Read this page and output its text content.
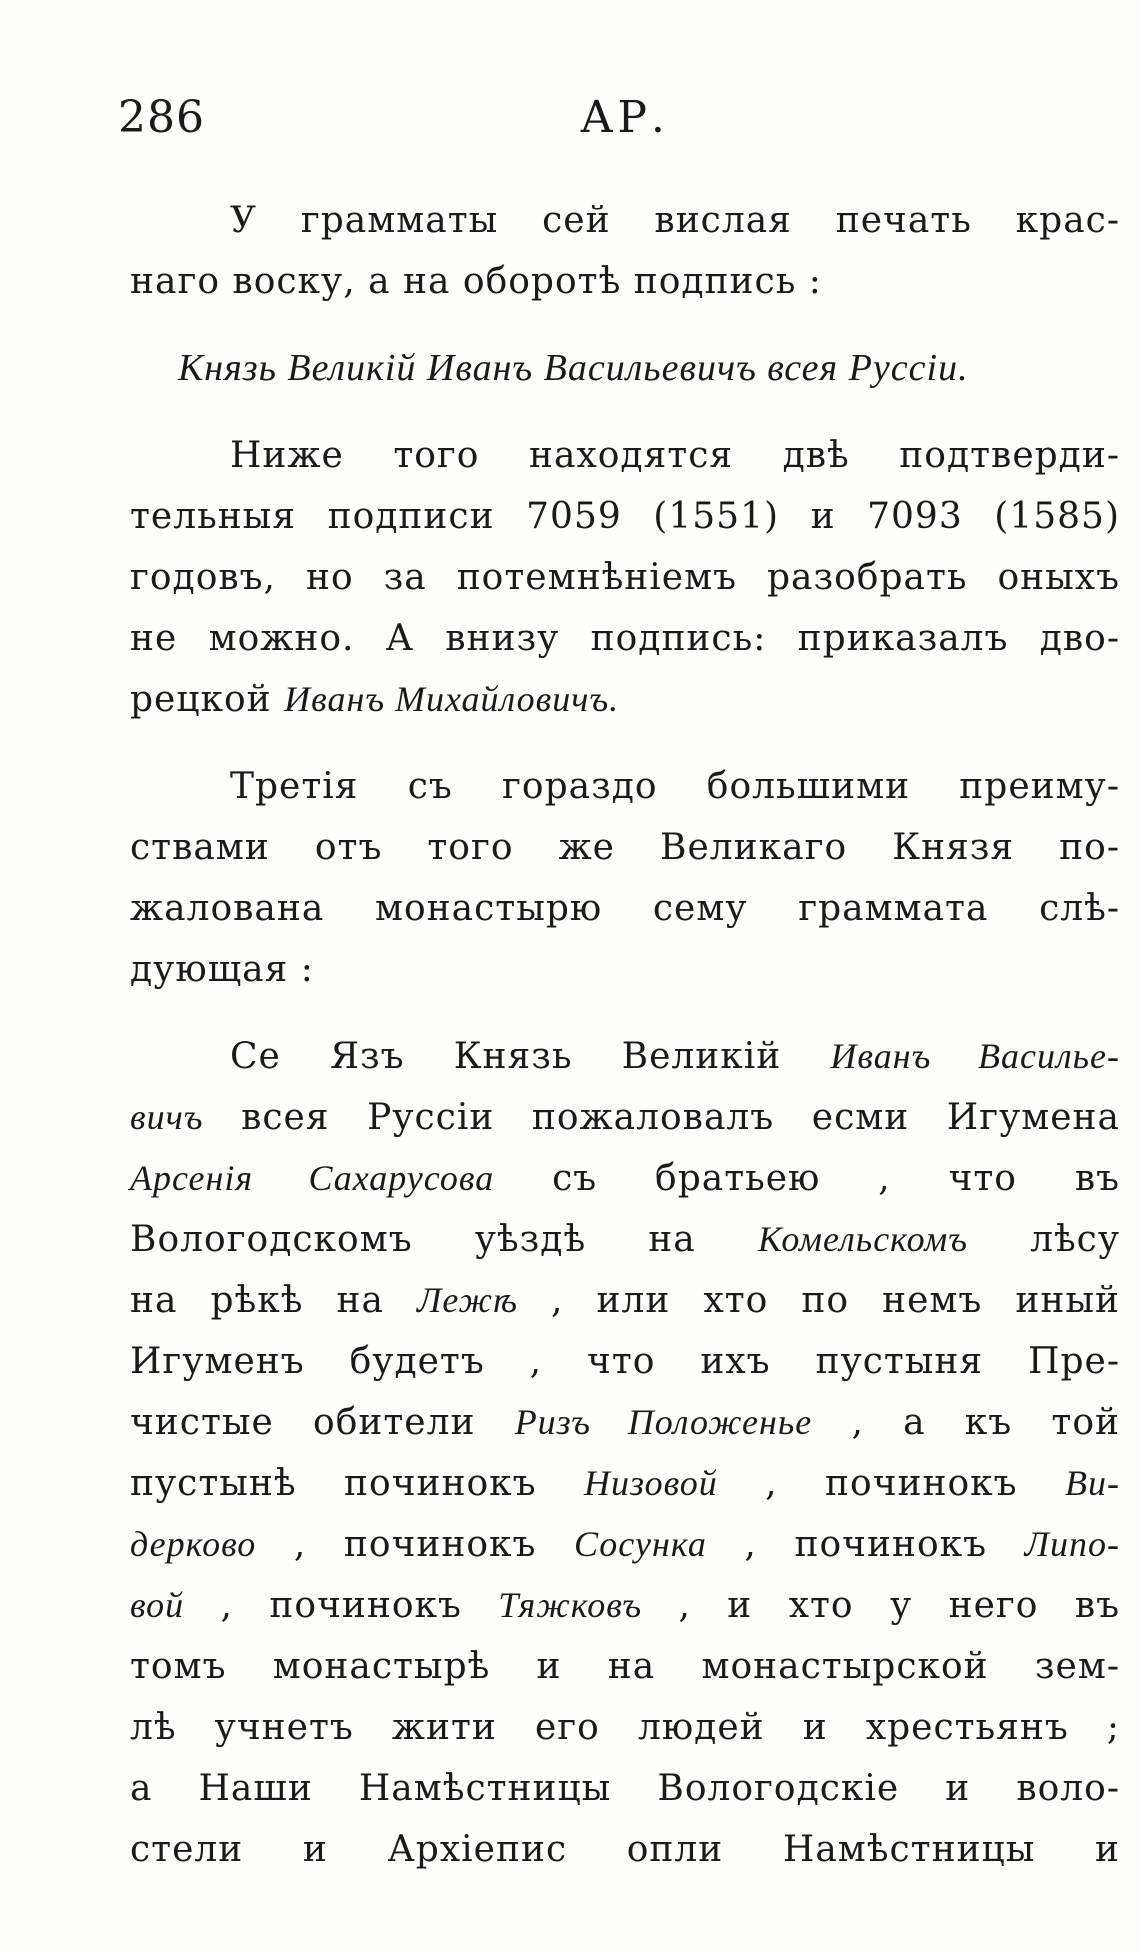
286	АР.

У грамматы сей вислая печать крас-
наго воску, а на оборотѣ подпись :

Князь Великій Иванъ Васильевичъ всея Руссіи.

Ниже того находятся двѣ подтверди-
тельныя подписи 7059 (1551) и 7093 (1585)
годовъ, но за потемнѣніемъ разобрать оныхъ
не можно. А внизу подпись: приказалъ дво-
рецкой Иванъ Михайловичъ.

Третія съ гораздо большими преиму-
ствами отъ того же Великаго Князя по-
жалована монастырю сему граммата слѣ-
дующая :

Се Язъ Князь Великій Иванъ Васильe-
вичъ всея Руссіи пожаловалъ есми Игумена
Арсенія Сахарусова съ братьею , что въ
Вологодскомъ уѣздѣ на Комельскомъ лѣсу
на рѣкѣ на Лежѣ , или хто по немъ иный
Игуменъ будетъ , что ихъ пустыня Пре-
чистые обители Ризъ Положенье , а къ той
пустынѣ починокъ Низовой , починокъ Ви-
дерково , починокъ Сосунка , починокъ Липо-
вой , починокъ Тяжковъ , и хто у него въ
томъ монастырѣ и на монастырской зем-
лѣ учнетъ жити его людей и хрестьянъ ;
а Наши Намѣстницы Вологодскіе и воло-
стели и Архіепис опли Намѣстницы и
